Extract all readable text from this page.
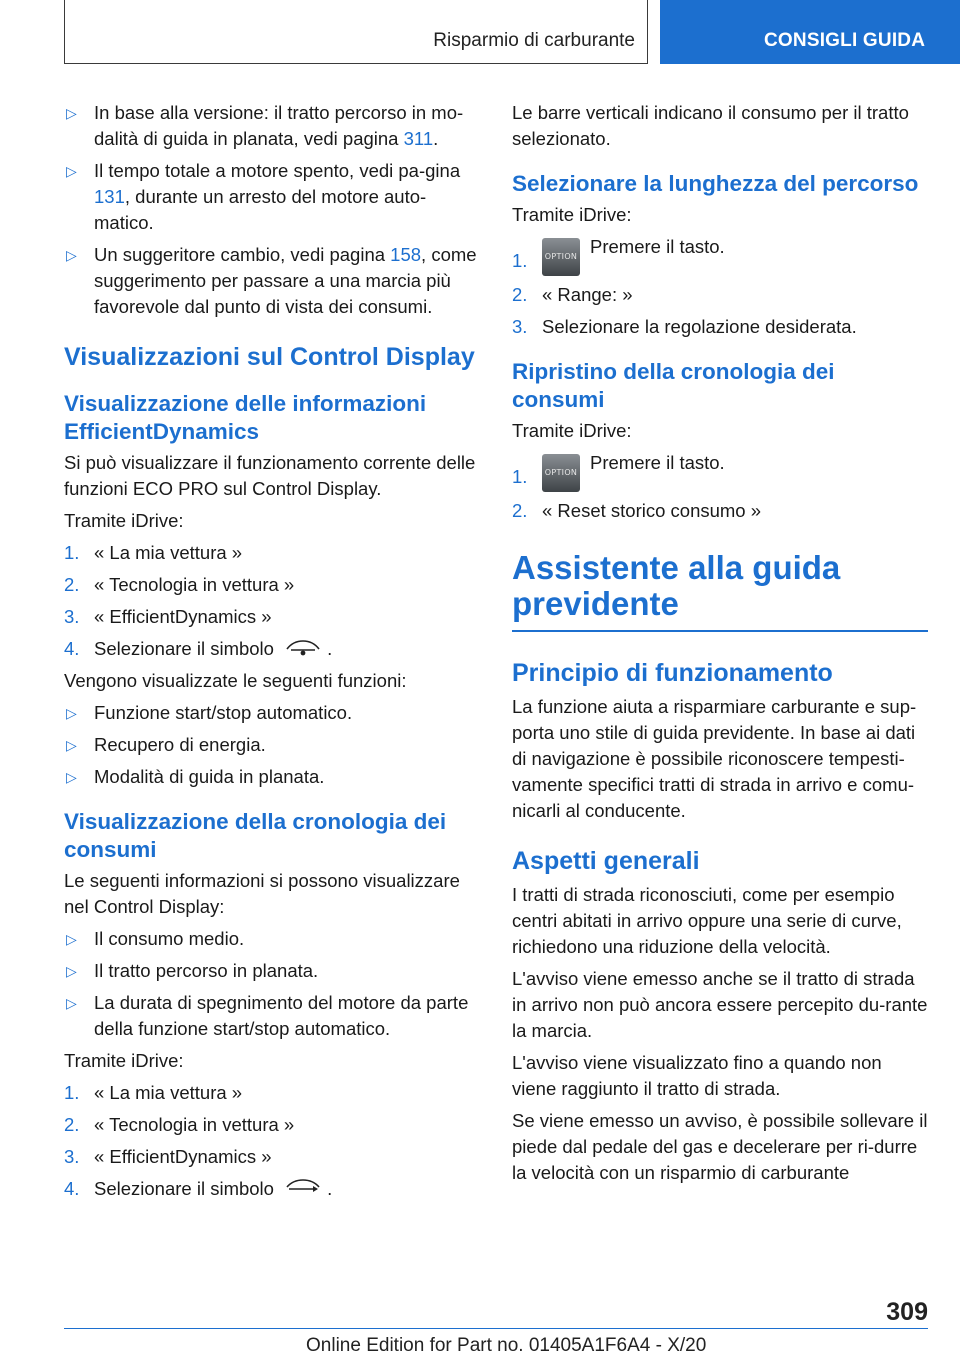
Risparmio di carburante	CONSIGLI GUIDA
▷ In base alla versione: il tratto percorso in mo-dalità di guida in planata, vedi pagina 311.
▷ Il tempo totale a motore spento, vedi pa-gina 131, durante un arresto del motore auto-matico.
▷ Un suggeritore cambio, vedi pagina 158, come suggerimento per passare a una marcia più favorevole dal punto di vista dei consumi.
Visualizzazioni sul Control Display
Visualizzazione delle informazioni EfficientDynamics

Si può visualizzare il funzionamento corrente delle funzioni ECO PRO sul Control Display.

Tramite iDrive:

1. « La mia vettura »
2. « Tecnologia in vettura »
3. « EfficientDynamics »
4. Selezionare il simbolo	.

Vengono visualizzate le seguenti funzioni:

▷ Funzione start/stop automatico.
▷ Recupero di energia.
▷ Modalità di guida in planata.
Visualizzazione della cronologia dei consumi

Le seguenti informazioni si possono visualizzare nel Control Display:

▷ Il consumo medio.
▷ Il tratto percorso in planata.
▷ La durata di spegnimento del motore da parte della funzione start/stop automatico.

Tramite iDrive:

1. « La mia vettura »
2. « Tecnologia in vettura »
3. « EfficientDynamics »
4. Selezionare il simbolo	.

Le barre verticali indicano il consumo per il tratto selezionato.

Selezionare la lunghezza del percorso

Tramite iDrive:

1. OPTION Premere il tasto.
2. « Range: »
3. Selezionare la regolazione desiderata.
Ripristino della cronologia dei consumi

Tramite iDrive:

1. OPTION Premere il tasto.
2. « Reset storico consumo »
Assistente alla guida previdente
Principio di funzionamento

La funzione aiuta a risparmiare carburante e sup-porta uno stile di guida previdente. In base ai dati di navigazione è possibile riconoscere tempesti-vamente specifici tratti di strada in arrivo e comu-nicarli al conducente.

Aspetti generali

I tratti di strada riconosciuti, come per esempio centri abitati in arrivo oppure una serie di curve, richiedono una riduzione della velocità.

L'avviso viene emesso anche se il tratto di strada in arrivo non può ancora essere percepito du-rante la marcia.

L'avviso viene visualizzato fino a quando non viene raggiunto il tratto di strada.

Se viene emesso un avviso, è possibile sollevare il piede dal pedale del gas e decelerare per ri-durre la velocità con un risparmio di carburante

309
Online Edition for Part no. 01405A1F6A4 - X/20
